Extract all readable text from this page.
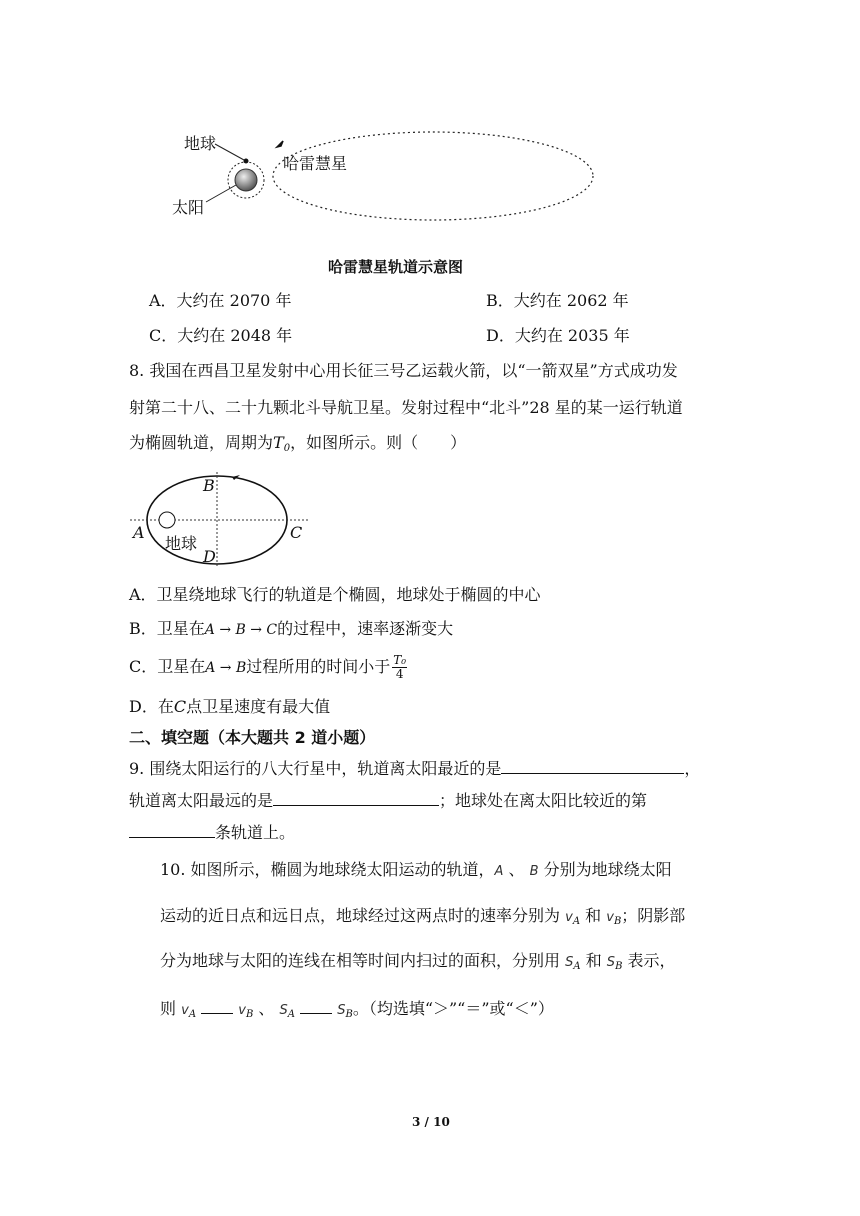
地球
哈雷慧星
太阳
哈雷慧星轨道示意图
A．大约在 2070 年	B．大约在 2062 年
C．大约在 2048 年	D．大约在 2035 年
8. 我国在西昌卫星发射中心用长征三号乙运载火箭，以“一箭双星”方式成功发
射第二十八、二十九颗北斗导航卫星。发射过程中“北斗”28 星的某一运行轨道
为椭圆轨道，周期为$T_0$，如图所示。则（　　）
B
A	C
D
地球
A．卫星绕地球飞行的轨道是个椭圆，地球处于椭圆的中心
B．卫星在A → B → C的过程中，速率逐渐变大
C．卫星在A → B过程所用的时间小于 $\frac{\text{T₀}}{4}$
D．在C点卫星速度有最大值
二、填空题（本大题共 2 道小题）
9. 围绕太阳运行的八大行星中，轨道离太阳最近的是	，
轨道离太阳最远的是	；地球处在离太阳比较近的第
条轨道上。
10. 如图所示，椭圆为地球绕太阳运动的轨道，A 、 B 分别为地球绕太阳
运动的近日点和远日点，地球经过这两点时的速率分别为 $v_A$ 和 $v_B$；阴影部
分为地球与太阳的连线在相等时间内扫过的面积，分别用 $S_A$ 和 $S_B$ 表示，
则 $v_A$	$v_B$ 、 $S_A$	$S_B$。（均选填“＞”“＝”或“＜”）
3 / 10
